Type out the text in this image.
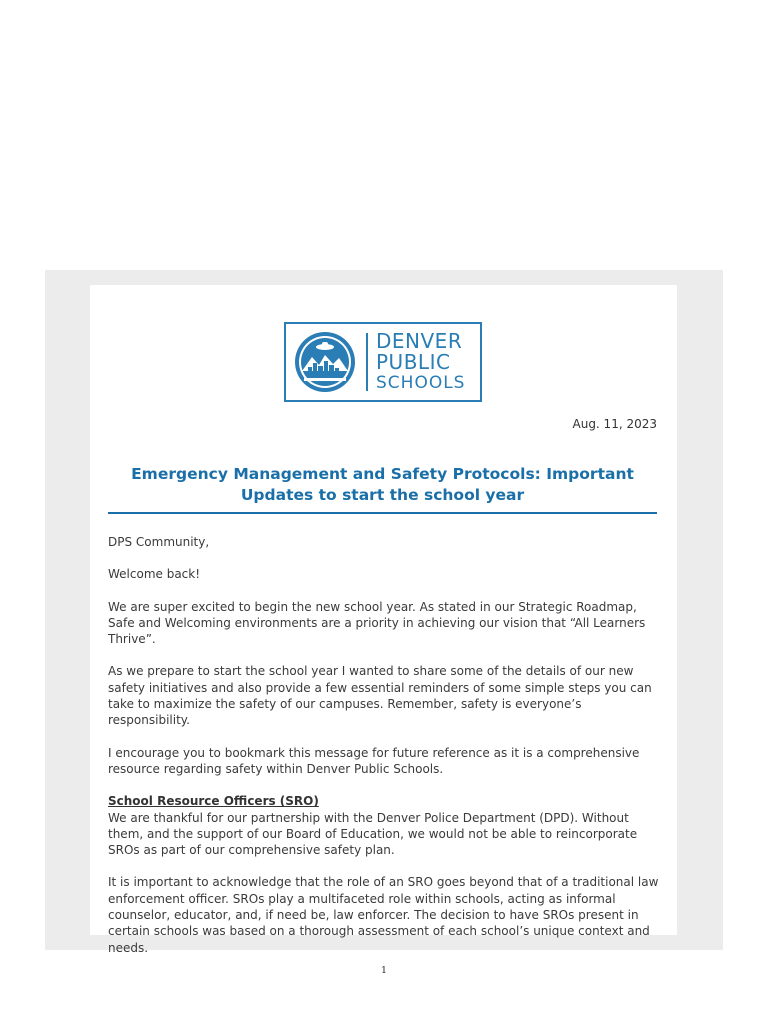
DENVER
PUBLIC
SCHOOLS
Aug. 11, 2023
Emergency Management and Safety Protocols: Important
Updates to start the school year

DPS Community,

Welcome back!

We are super excited to begin the new school year. As stated in our Strategic Roadmap, Safe and Welcoming environments are a priority in achieving our vision that “All Learners Thrive”.

As we prepare to start the school year I wanted to share some of the details of our new safety initiatives and also provide a few essential reminders of some simple steps you can take to maximize the safety of our campuses. Remember, safety is everyone’s responsibility.

I encourage you to bookmark this message for future reference as it is a comprehensive resource regarding safety within Denver Public Schools.

School Resource Officers (SRO)

We are thankful for our partnership with the Denver Police Department (DPD). Without them, and the support of our Board of Education, we would not be able to reincorporate SROs as part of our comprehensive safety plan.

It is important to acknowledge that the role of an SRO goes beyond that of a traditional law enforcement officer. SROs play a multifaceted role within schools, acting as informal counselor, educator, and, if need be, law enforcer. The decision to have SROs present in certain schools was based on a thorough assessment of each school’s unique context and needs.

1
